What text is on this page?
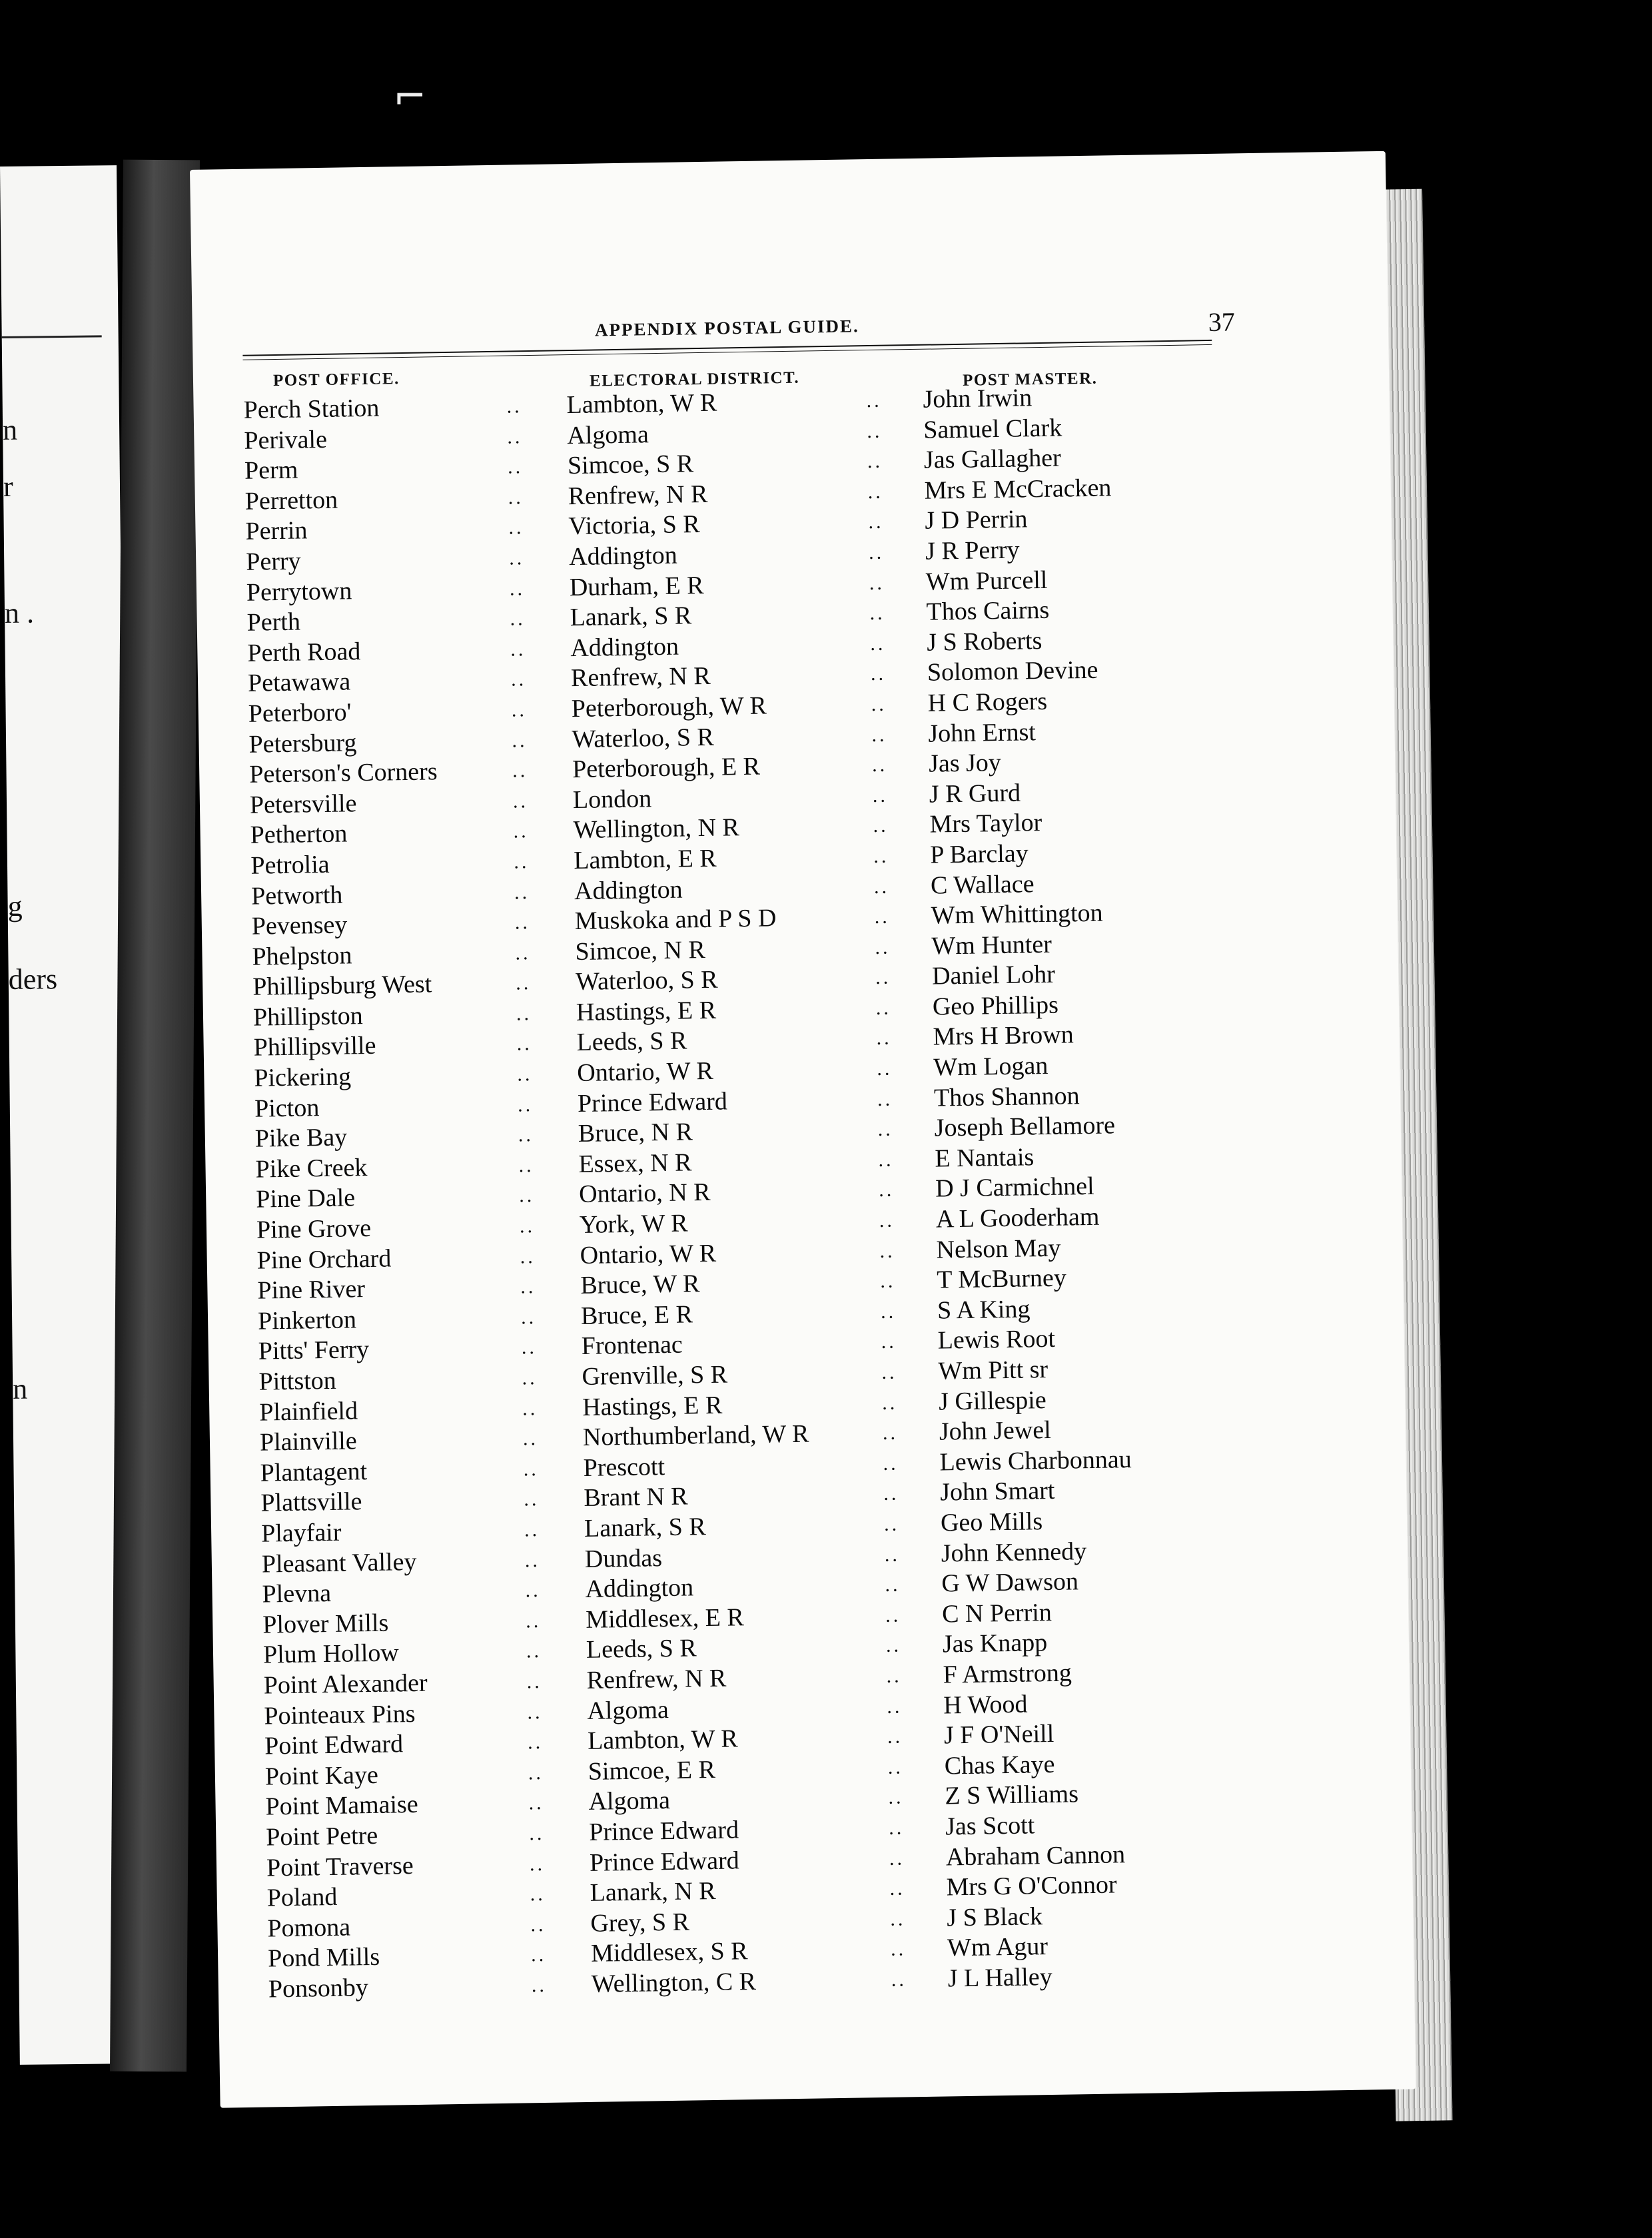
⌐
n
r
n .
g
ders
n
APPENDIX POSTAL GUIDE.	37
POST OFFICE.	ELECTORAL DISTRICT.	POST MASTER.
Perch Station	.. Lambton, W R	.. John Irwin
Perivale	.. Algoma	.. Samuel Clark
Perm	.. Simcoe, S R	.. Jas Gallagher
Perretton	.. Renfrew, N R	.. Mrs E McCracken
Perrin	.. Victoria, S R	.. J D Perrin
Perry	.. Addington	.. J R Perry
Perrytown	.. Durham, E R	.. Wm Purcell
Perth	.. Lanark, S R	.. Thos Cairns
Perth Road	.. Addington	.. J S Roberts
Petawawa	.. Renfrew, N R	.. Solomon Devine
Peterboro'	.. Peterborough, W R	.. H C Rogers
Petersburg	.. Waterloo, S R	.. John Ernst
Peterson's Corners	.. Peterborough, E R	.. Jas Joy
Petersville	.. London	.. J R Gurd
Petherton	.. Wellington, N R	.. Mrs Taylor
Petrolia	.. Lambton, E R	.. P Barclay
Petworth	.. Addington	.. C Wallace
Pevensey	.. Muskoka and P S D	.. Wm Whittington
Phelpston	.. Simcoe, N R	.. Wm Hunter
Phillipsburg West	.. Waterloo, S R	.. Daniel Lohr
Phillipston	.. Hastings, E R	.. Geo Phillips
Phillipsville	.. Leeds, S R	.. Mrs H Brown
Pickering	.. Ontario, W R	.. Wm Logan
Picton	.. Prince Edward	.. Thos Shannon
Pike Bay	.. Bruce, N R	.. Joseph Bellamore
Pike Creek	.. Essex, N R	.. E Nantais
Pine Dale	.. Ontario, N R	.. D J Carmichnel
Pine Grove	.. York, W R	.. A L Gooderham
Pine Orchard	.. Ontario, W R	.. Nelson May
Pine River	.. Bruce, W R	.. T McBurney
Pinkerton	.. Bruce, E R	.. S A King
Pitts' Ferry	.. Frontenac	.. Lewis Root
Pittston	.. Grenville, S R	.. Wm Pitt sr
Plainfield	.. Hastings, E R	.. J Gillespie
Plainville	.. Northumberland, W R	.. John Jewel
Plantagent	.. Prescott	.. Lewis Charbonnau
Plattsville	.. Brant N R	.. John Smart
Playfair	.. Lanark, S R	.. Geo Mills
Pleasant Valley	.. Dundas	.. John Kennedy
Plevna	.. Addington	.. G W Dawson
Plover Mills	.. Middlesex, E R	.. C N Perrin
Plum Hollow	.. Leeds, S R	.. Jas Knapp
Point Alexander	.. Renfrew, N R	.. F Armstrong
Pointeaux Pins	.. Algoma	.. H Wood
Point Edward	.. Lambton, W R	.. J F O'Neill
Point Kaye	.. Simcoe, E R	.. Chas Kaye
Point Mamaise	.. Algoma	.. Z S Williams
Point Petre	.. Prince Edward	.. Jas Scott
Point Traverse	.. Prince Edward	.. Abraham Cannon
Poland	.. Lanark, N R	.. Mrs G O'Connor
Pomona	.. Grey, S R	.. J S Black
Pond Mills	.. Middlesex, S R	.. Wm Agur
Ponsonby	.. Wellington, C R	.. J L Halley
